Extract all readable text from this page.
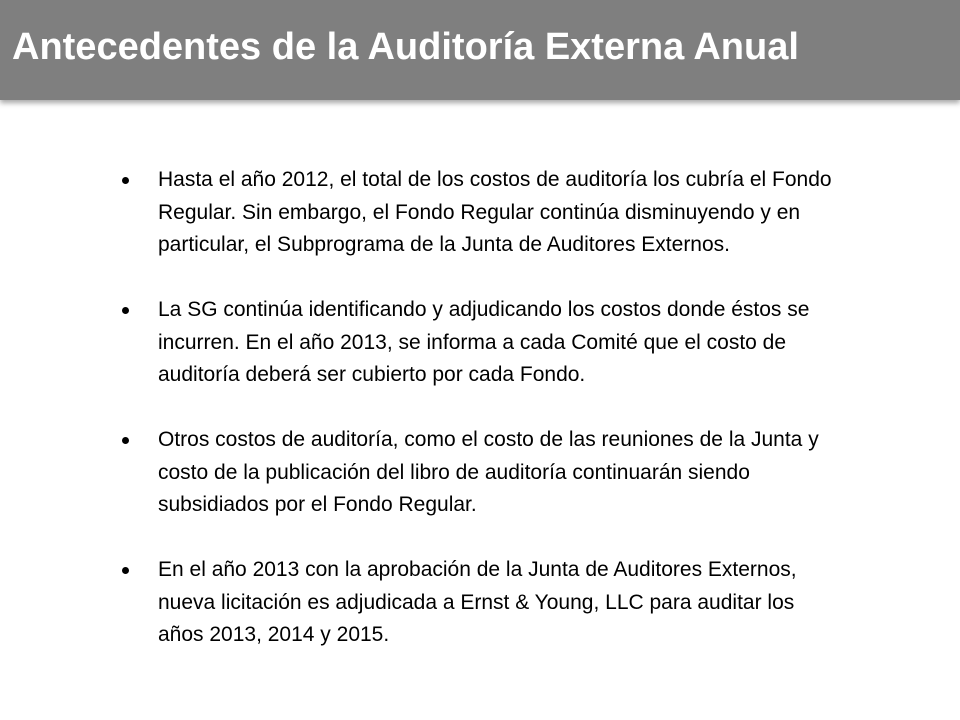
Antecedentes de la Auditoría Externa Anual
Hasta el año 2012, el total de los costos de auditoría los cubría el Fondo Regular. Sin embargo, el Fondo Regular continúa disminuyendo y en particular, el Subprograma de la Junta de Auditores Externos.
La SG continúa identificando y adjudicando los costos donde éstos se incurren. En el año 2013, se informa a cada Comité que el costo de auditoría deberá ser cubierto por cada Fondo.
Otros costos de auditoría, como el costo de las reuniones de la Junta y costo de la publicación del libro de auditoría continuarán siendo subsidiados por el Fondo Regular.
En el año 2013 con la aprobación de la Junta de Auditores Externos, nueva licitación es adjudicada a Ernst & Young, LLC para auditar los años 2013, 2014 y 2015.
